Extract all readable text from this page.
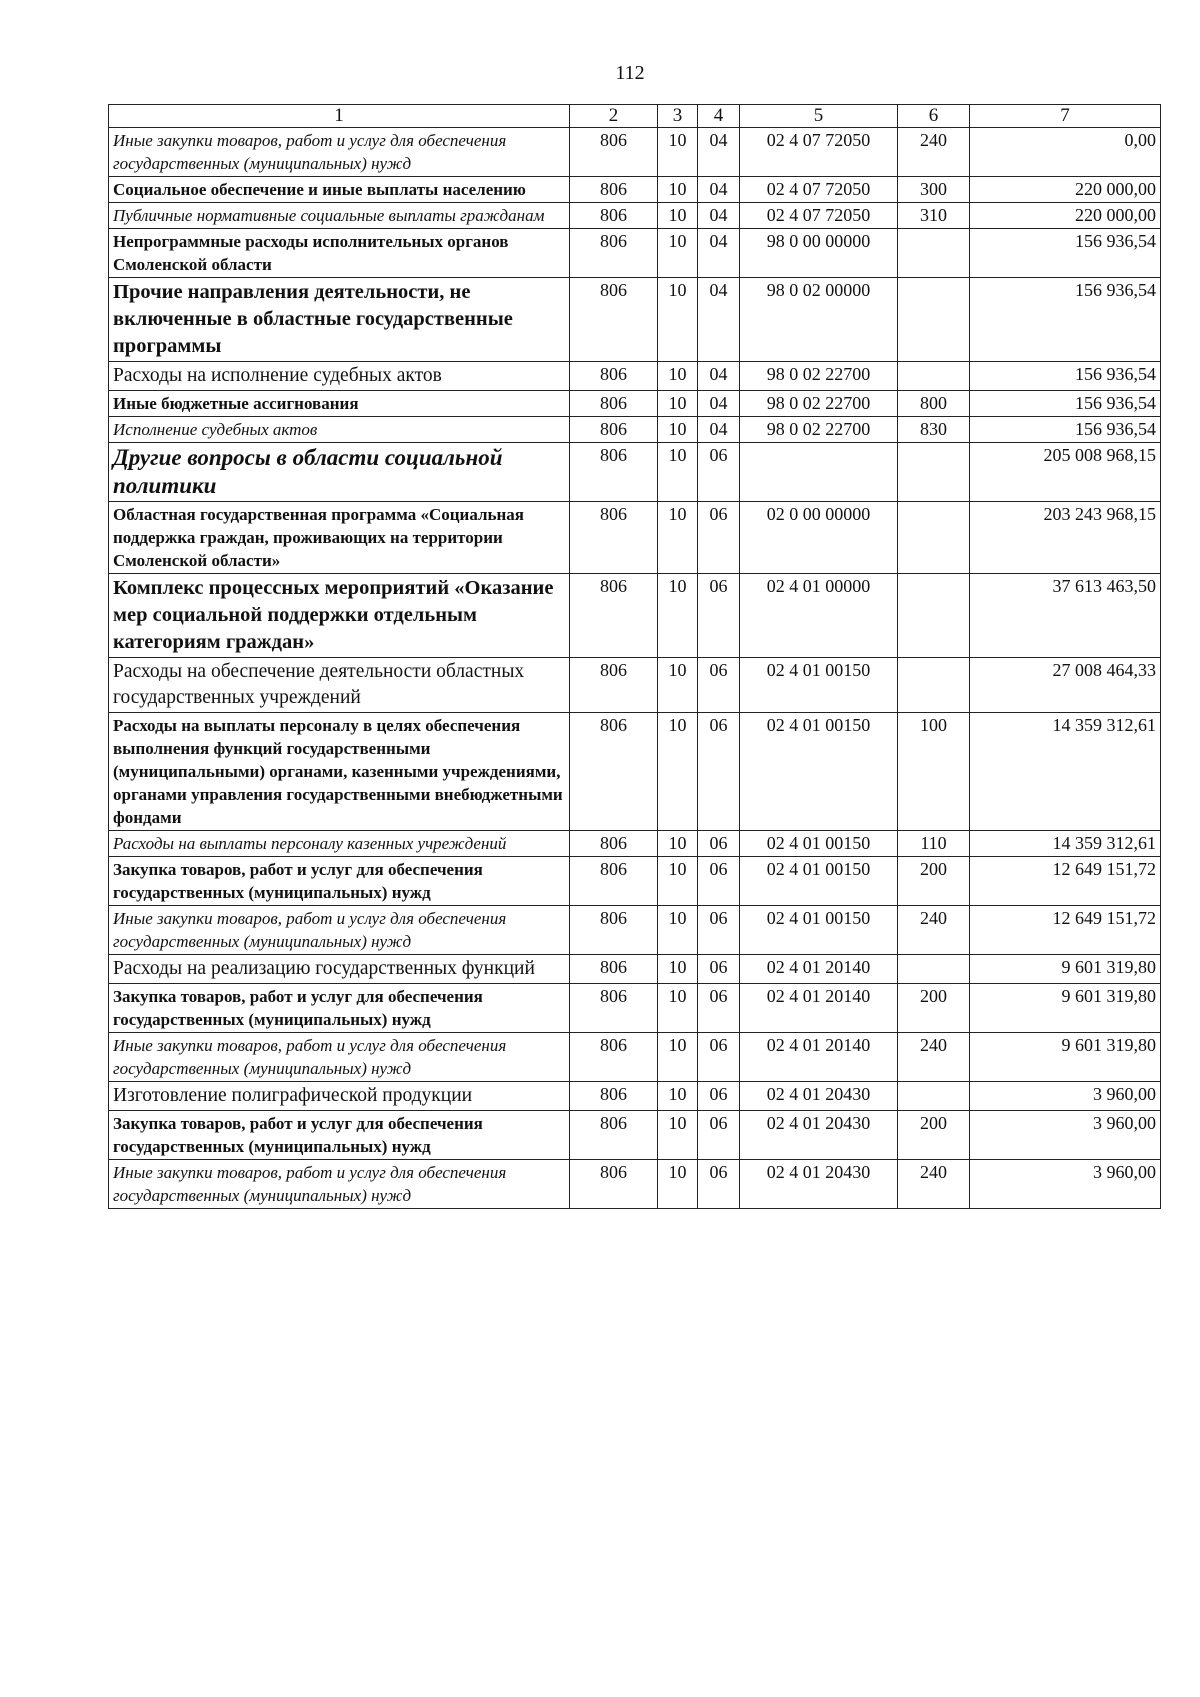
112
1	2	3	4	5	6	7
Иные закупки товаров, работ и услуг для обеспечения государственных (муниципальных) нужд	806	10	04	02 4 07 72050	240	0,00
Социальное обеспечение и иные выплаты населению	806	10	04	02 4 07 72050	300	220 000,00
Публичные нормативные социальные выплаты гражданам	806	10	04	02 4 07 72050	310	220 000,00
Непрограммные расходы исполнительных органов Смоленской области	806	10	04	98 0 00 00000		156 936,54
Прочие направления деятельности, не включенные в областные государственные программы	806	10	04	98 0 02 00000		156 936,54
Расходы на исполнение судебных актов	806	10	04	98 0 02 22700		156 936,54
Иные бюджетные ассигнования	806	10	04	98 0 02 22700	800	156 936,54
Исполнение судебных актов	806	10	04	98 0 02 22700	830	156 936,54
Другие вопросы в области социальной политики	806	10	06			205 008 968,15
Областная государственная программа «Социальная поддержка граждан, проживающих на территории Смоленской области»	806	10	06	02 0 00 00000		203 243 968,15
Комплекс процессных мероприятий «Оказание мер социальной поддержки отдельным категориям граждан»	806	10	06	02 4 01 00000		37 613 463,50
Расходы на обеспечение деятельности областных государственных учреждений	806	10	06	02 4 01 00150		27 008 464,33
Расходы на выплаты персоналу в целях обеспечения выполнения функций государственными (муниципальными) органами, казенными учреждениями, органами управления государственными внебюджетными фондами	806	10	06	02 4 01 00150	100	14 359 312,61
Расходы на выплаты персоналу казенных учреждений	806	10	06	02 4 01 00150	110	14 359 312,61
Закупка товаров, работ и услуг для обеспечения государственных (муниципальных) нужд	806	10	06	02 4 01 00150	200	12 649 151,72
Иные закупки товаров, работ и услуг для обеспечения государственных (муниципальных) нужд	806	10	06	02 4 01 00150	240	12 649 151,72
Расходы на реализацию государственных функций	806	10	06	02 4 01 20140		9 601 319,80
Закупка товаров, работ и услуг для обеспечения государственных (муниципальных) нужд	806	10	06	02 4 01 20140	200	9 601 319,80
Иные закупки товаров, работ и услуг для обеспечения государственных (муниципальных) нужд	806	10	06	02 4 01 20140	240	9 601 319,80
Изготовление полиграфической продукции	806	10	06	02 4 01 20430		3 960,00
Закупка товаров, работ и услуг для обеспечения государственных (муниципальных) нужд	806	10	06	02 4 01 20430	200	3 960,00
Иные закупки товаров, работ и услуг для обеспечения государственных (муниципальных) нужд	806	10	06	02 4 01 20430	240	3 960,00
